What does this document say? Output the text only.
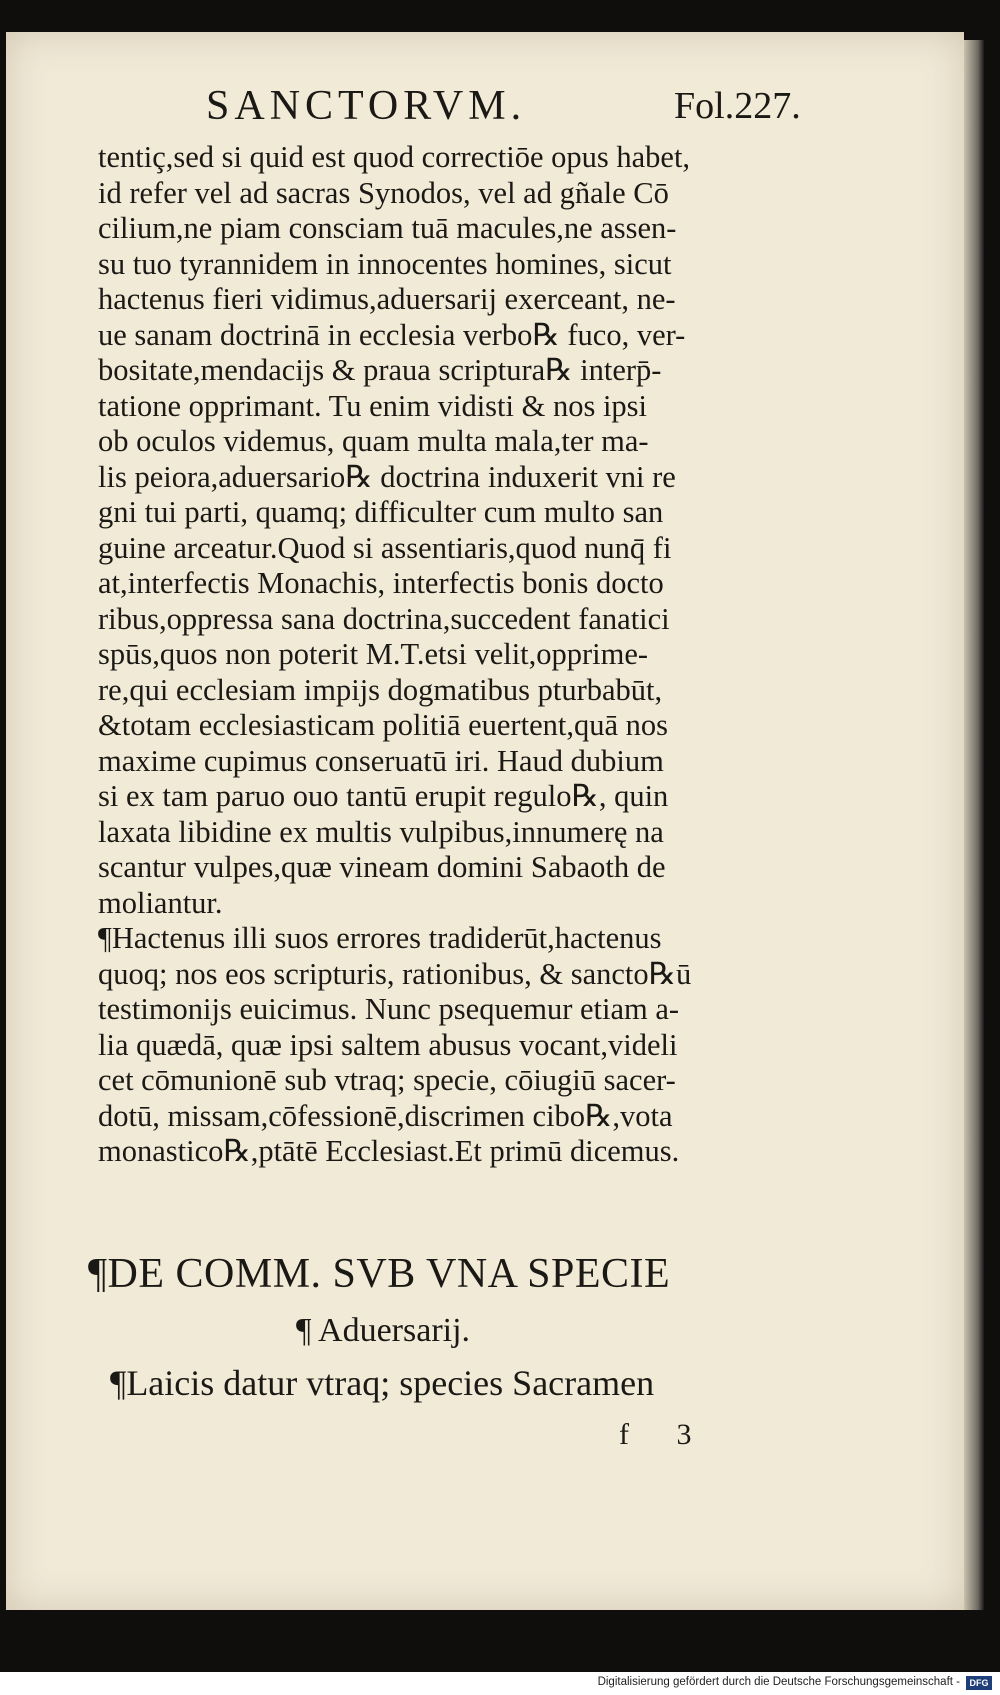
SANCTORVM.	Fol.227.
tentiç,sed si quid est quod correctiōe opus habet,
id refer vel ad sacras Synodos, vel ad gñale Cō
cilium,ne piam consciam tuā macules,ne assen-
su tuo tyrannidem in innocentes homines, sicut
hactenus fieri vidimus,aduersarij exerceant, ne-
ue sanam doctrinā in ecclesia verbo℞ fuco, ver-
bositate,mendacijs & praua scriptura℞ interp̄-
tatione opprimant. Tu enim vidisti & nos ipsi
ob oculos videmus, quam multa mala,ter ma-
lis peiora,aduersario℞ doctrina induxerit vni re
gni tui parti, quamq; difficulter cum multo san
guine arceatur.Quod si assentiaris,quod nunq̄ fi
at,interfectis Monachis, interfectis bonis docto
ribus,oppressa sana doctrina,succedent fanatici
spūs,quos non poterit M.T.etsi velit,opprime-
re,qui ecclesiam impijs dogmatibus pturbabūt,
&totam ecclesiasticam politiā euertent,quā nos
maxime cupimus conseruatū iri. Haud dubium
si ex tam paruo ouo tantū erupit regulo℞, quin
laxata libidine ex multis vulpibus,innumerę na
scantur vulpes,quæ vineam domini Sabaoth de
moliantur.
¶Hactenus illi suos errores tradiderūt,hactenus
quoq; nos eos scripturis, rationibus, & sancto℞ū
testimonijs euicimus. Nunc psequemur etiam a-
lia quædā, quæ ipsi saltem abusus vocant,videli
cet cōmunionē sub vtraq; specie, cōiugiū sacer-
dotū, missam,cōfessionē,discrimen cibo℞,vota
monastico℞,ptātē Ecclesiast.Et primū dicemus.
¶DE COMM. SVB VNA SPECIE
¶ Aduersarij.
¶Laicis datur vtraq; species Sacramen
f 3
Digitalisierung gefördert durch die Deutsche Forschungsgemeinschaft -	DFG
